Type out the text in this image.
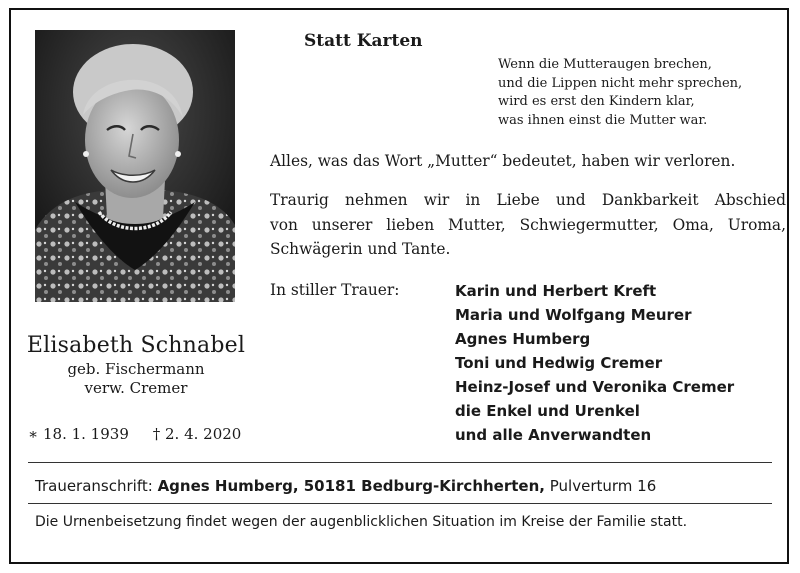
Elisabeth Schnabel
geb. Fischermann
verw. Cremer
∗ 18. 1. 1939 † 2. 4. 2020
Statt Karten
Wenn die Mutteraugen brechen,
und die Lippen nicht mehr sprechen,
wird es erst den Kindern klar,
was ihnen einst die Mutter war.
Alles, was das Wort „Mutter“ bedeutet, haben wir verloren.
Traurig nehmen wir in Liebe und Dankbarkeit Abschied
von unserer lieben Mutter, Schwiegermutter, Oma, Uroma,
Schwägerin und Tante.
In stiller Trauer:	Karin und Herbert Kreft
Maria und Wolfgang Meurer
Agnes Humberg
Toni und Hedwig Cremer
Heinz-Josef und Veronika Cremer
die Enkel und Urenkel
und alle Anverwandten
Traueranschrift: Agnes Humberg, 50181 Bedburg-Kirchherten, Pulverturm 16
Die Urnenbeisetzung findet wegen der augenblicklichen Situation im Kreise der Familie statt.
